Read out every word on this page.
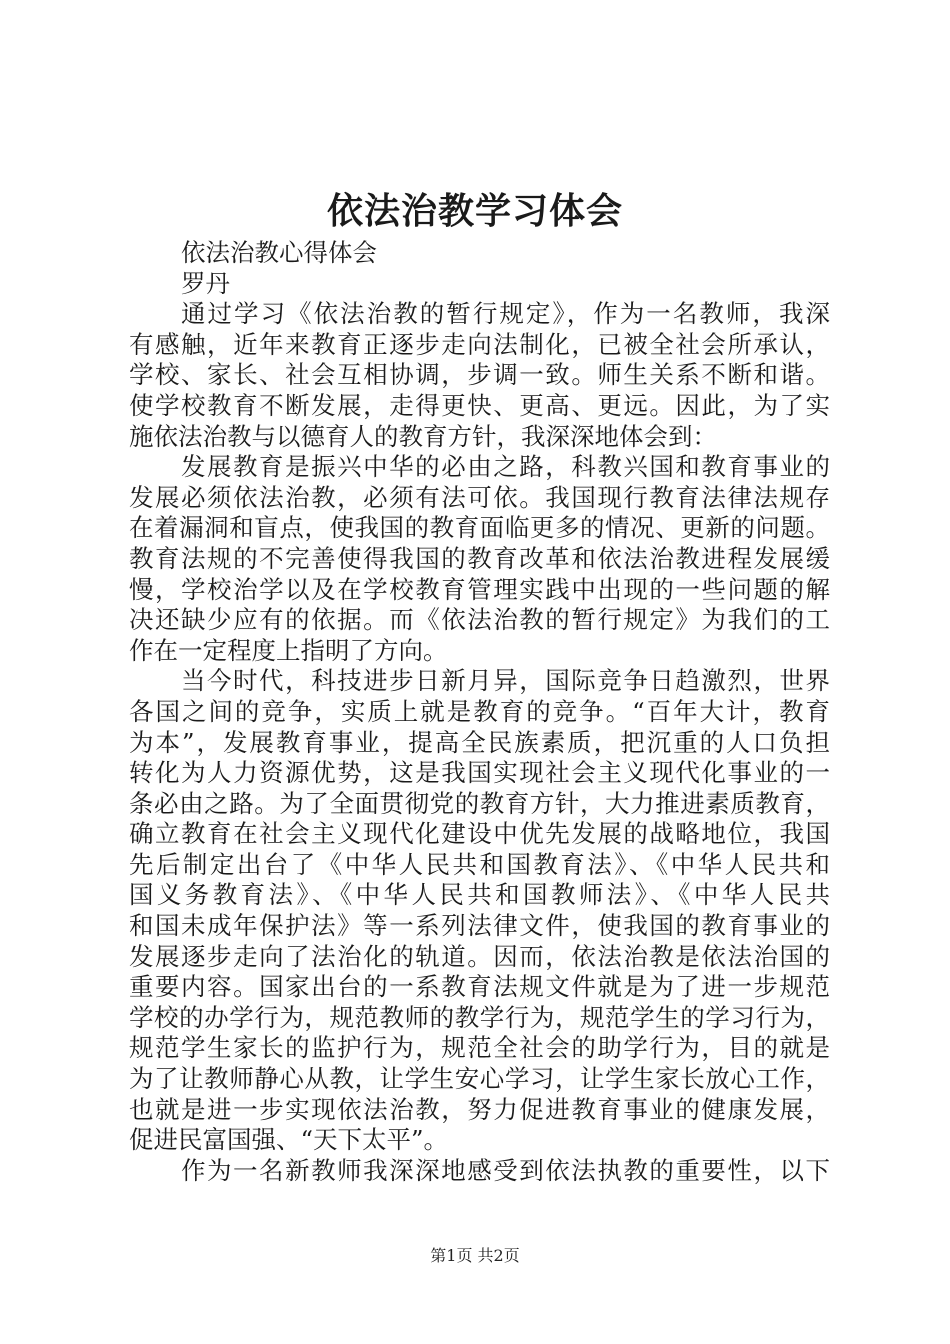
依法治教学习体会
依法治教心得体会
罗丹
通过学习《依法治教的暂行规定》，作为一名教师，我深
有感触，近年来教育正逐步走向法制化，已被全社会所承认，
学校、家长、社会互相协调，步调一致。师生关系不断和谐。
使学校教育不断发展，走得更快、更高、更远。因此，为了实
施依法治教与以德育人的教育方针，我深深地体会到：
发展教育是振兴中华的必由之路，科教兴国和教育事业的
发展必须依法治教，必须有法可依。我国现行教育法律法规存
在着漏洞和盲点，使我国的教育面临更多的情况、更新的问题。
教育法规的不完善使得我国的教育改革和依法治教进程发展缓
慢，学校治学以及在学校教育管理实践中出现的一些问题的解
决还缺少应有的依据。而《依法治教的暂行规定》为我们的工
作在一定程度上指明了方向。
当今时代，科技进步日新月异，国际竞争日趋激烈，世界
各国之间的竞争，实质上就是教育的竞争。“百年大计，教育
为本”，发展教育事业，提高全民族素质，把沉重的人口负担
转化为人力资源优势，这是我国实现社会主义现代化事业的一
条必由之路。为了全面贯彻党的教育方针，大力推进素质教育，
确立教育在社会主义现代化建设中优先发展的战略地位，我国
先后制定出台了《中华人民共和国教育法》、《中华人民共和
国义务教育法》、《中华人民共和国教师法》、《中华人民共
和国未成年保护法》等一系列法律文件，使我国的教育事业的
发展逐步走向了法治化的轨道。因而，依法治教是依法治国的
重要内容。国家出台的一系教育法规文件就是为了进一步规范
学校的办学行为，规范教师的教学行为，规范学生的学习行为，
规范学生家长的监护行为，规范全社会的助学行为，目的就是
为了让教师静心从教，让学生安心学习，让学生家长放心工作，
也就是进一步实现依法治教，努力促进教育事业的健康发展，
促进民富国强、“天下太平”。
作为一名新教师我深深地感受到依法执教的重要性，以下
第1页 共2页
